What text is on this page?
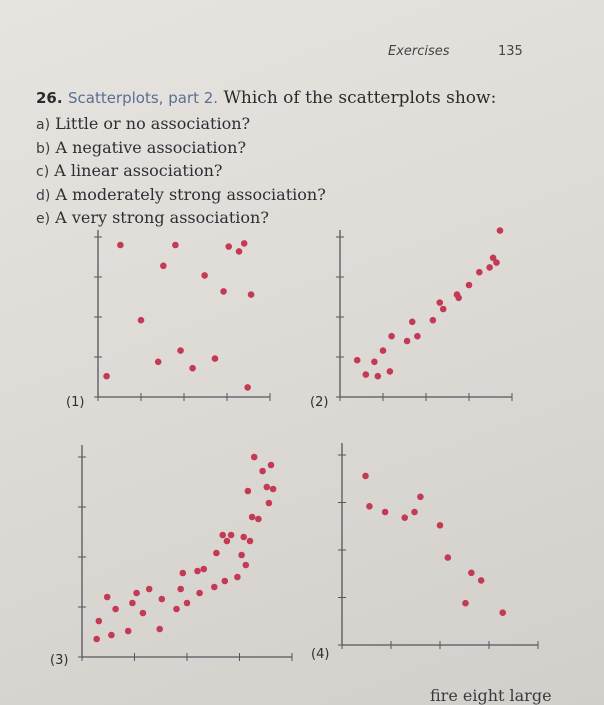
Exercises	135
26. Scatterplots, part 2. Which of the scatterplots show:
a) Little or no association?
b) A negative association?
c) A linear association?
d) A moderately strong association?
e) A very strong association?
(2)
(3)	(4)
(1)
fire eight large
